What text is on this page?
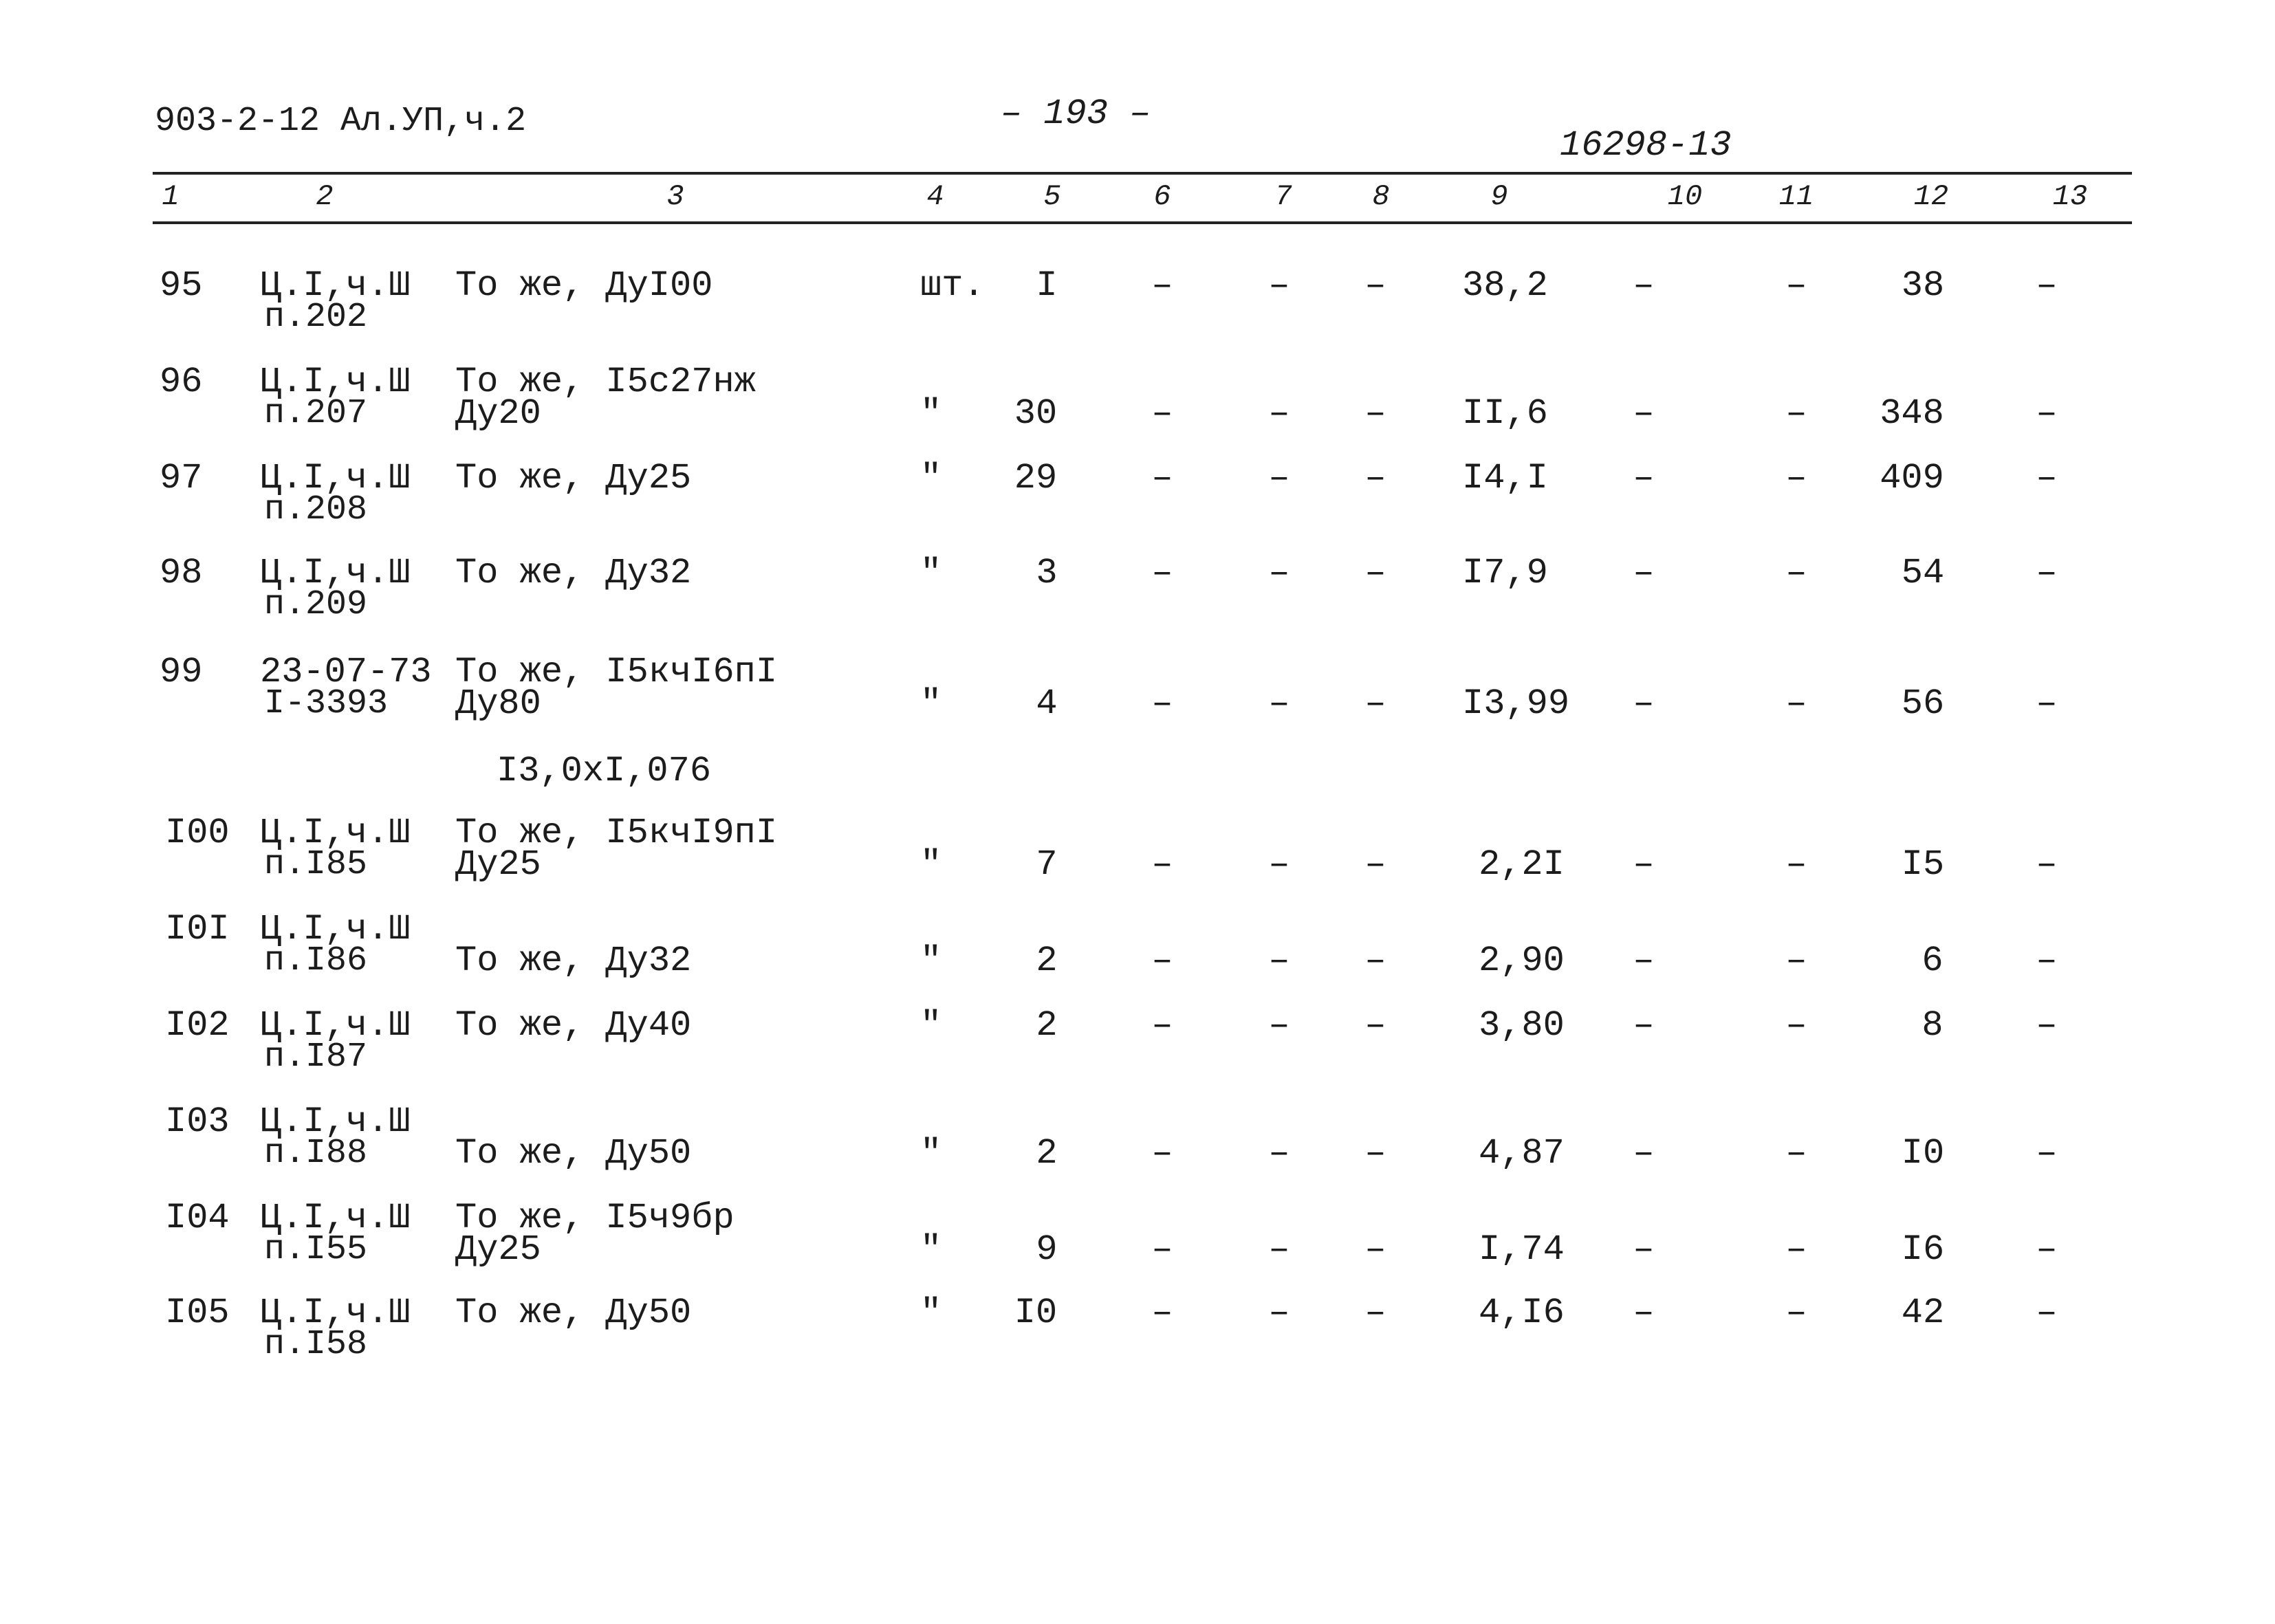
903-2-12 Ал.УП,ч.2	– 193 –
16298-13
1	2	3	4	5	6	7	8	9	10	11	12	13
95 Ц.I,ч.Ш
п.202
То же, ДуI00	шт. I	–	– – 38,2 –	–	38	–
96 Ц.I,ч.Ш
п.207
То же, I5с27нж
Ду20	" 30	–	– – II,6 –	– 348	–
97 Ц.I,ч.Ш
п.208
То же, Ду25	" 29	–	– – I4,I –	– 409	–
98 Ц.I,ч.Ш
п.209
То же, Ду32	"	3	–	– – I7,9 –	–	54	–
99 23-07-73
I-3393
То же, I5кчI6пI
Ду80	"	4	–	– – I3,99 –	–	56	–
I3,0xI,076
I00 Ц.I,ч.Ш
п.I85
То же, I5кчI9пI
Ду25	"	7	–	– –	2,2I –	–	I5	–
I0I Ц.I,ч.Ш
п.I86 То же, Ду32	"	2	–	– –	2,90 –	–	6	–
I02 Ц.I,ч.Ш
п.I87
То же, Ду40	"	2	–	– –	3,80 –	–	8	–
I03 Ц.I,ч.Ш
п.I88 То же, Ду50	"	2	–	– –	4,87 –	–	I0	–
I04 Ц.I,ч.Ш
п.I55
То же, I5ч9бр
Ду25	"	9	–	– –	I,74 –	–	I6	–
I05 Ц.I,ч.Ш
п.I58
То же, Ду50	" I0	–	– –	4,I6 –	–	42	–
